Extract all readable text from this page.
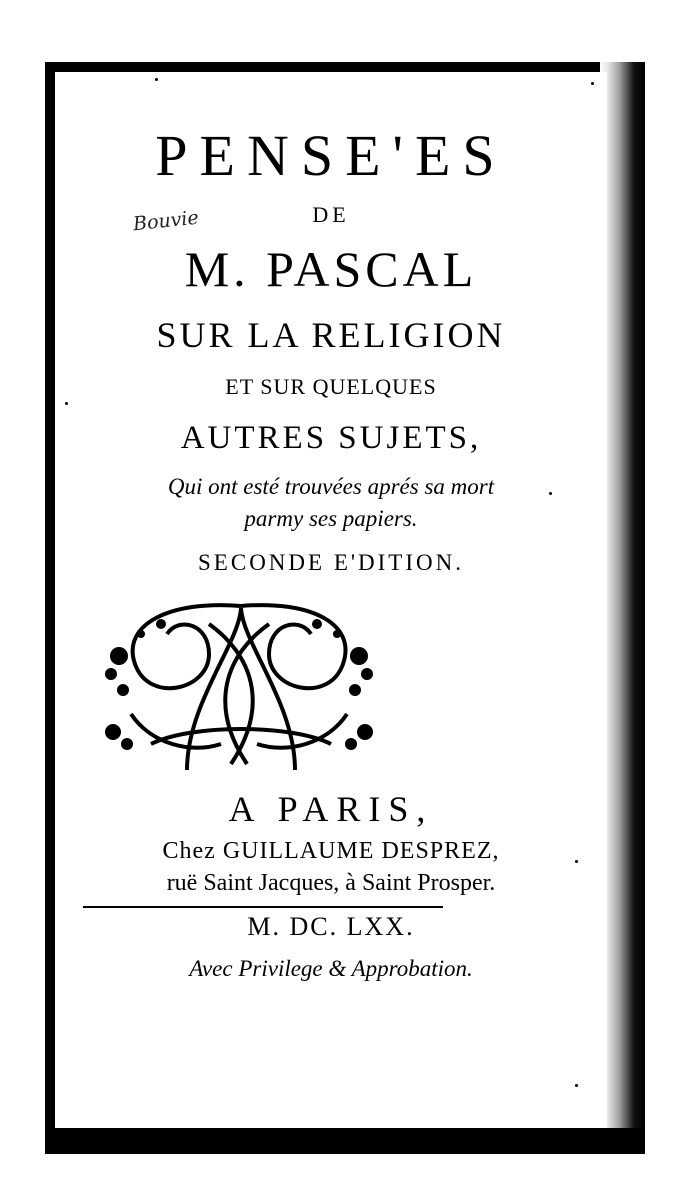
PENSE'ES
DE
Bouvie
M. PASCAL
SUR LA RELIGION
ET SUR QUELQUES
AUTRES SUJETS,
Qui ont esté trouvées aprés sa mort
parmy ses papiers.
SECONDE E'DITION.
A PARIS,
Chez GUILLAUME DESPREZ,
ruë Saint Jacques, à Saint Prosper.
M. DC. LXX.
Avec Privilege & Approbation.
